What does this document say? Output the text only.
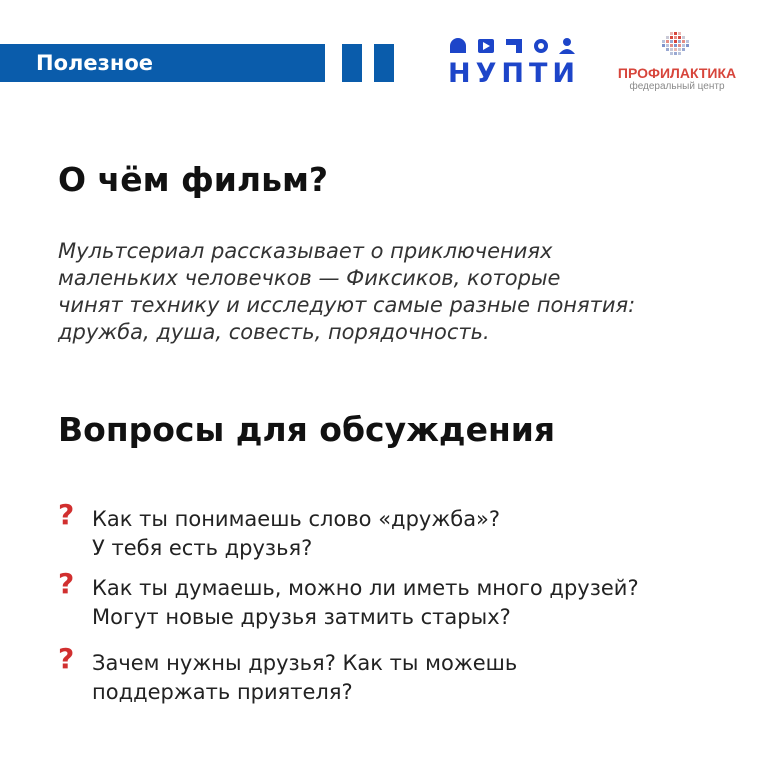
Полезное	НУПТИ	ПРОФИЛАКТИКА
федеральный центр
О чём фильм?

Мультсериал рассказывает о приключениях
маленьких человечков — Фиксиков, которые
чинят технику и исследуют самые разные понятия:
дружба, душа, совесть, порядочность.

Вопросы для обсуждения
? Как ты понимаешь слово «дружба»?
У тебя есть друзья?
? Как ты думаешь, можно ли иметь много друзей?
Могут новые друзья затмить старых?
? Зачем нужны друзья? Как ты можешь
поддержать приятеля?
